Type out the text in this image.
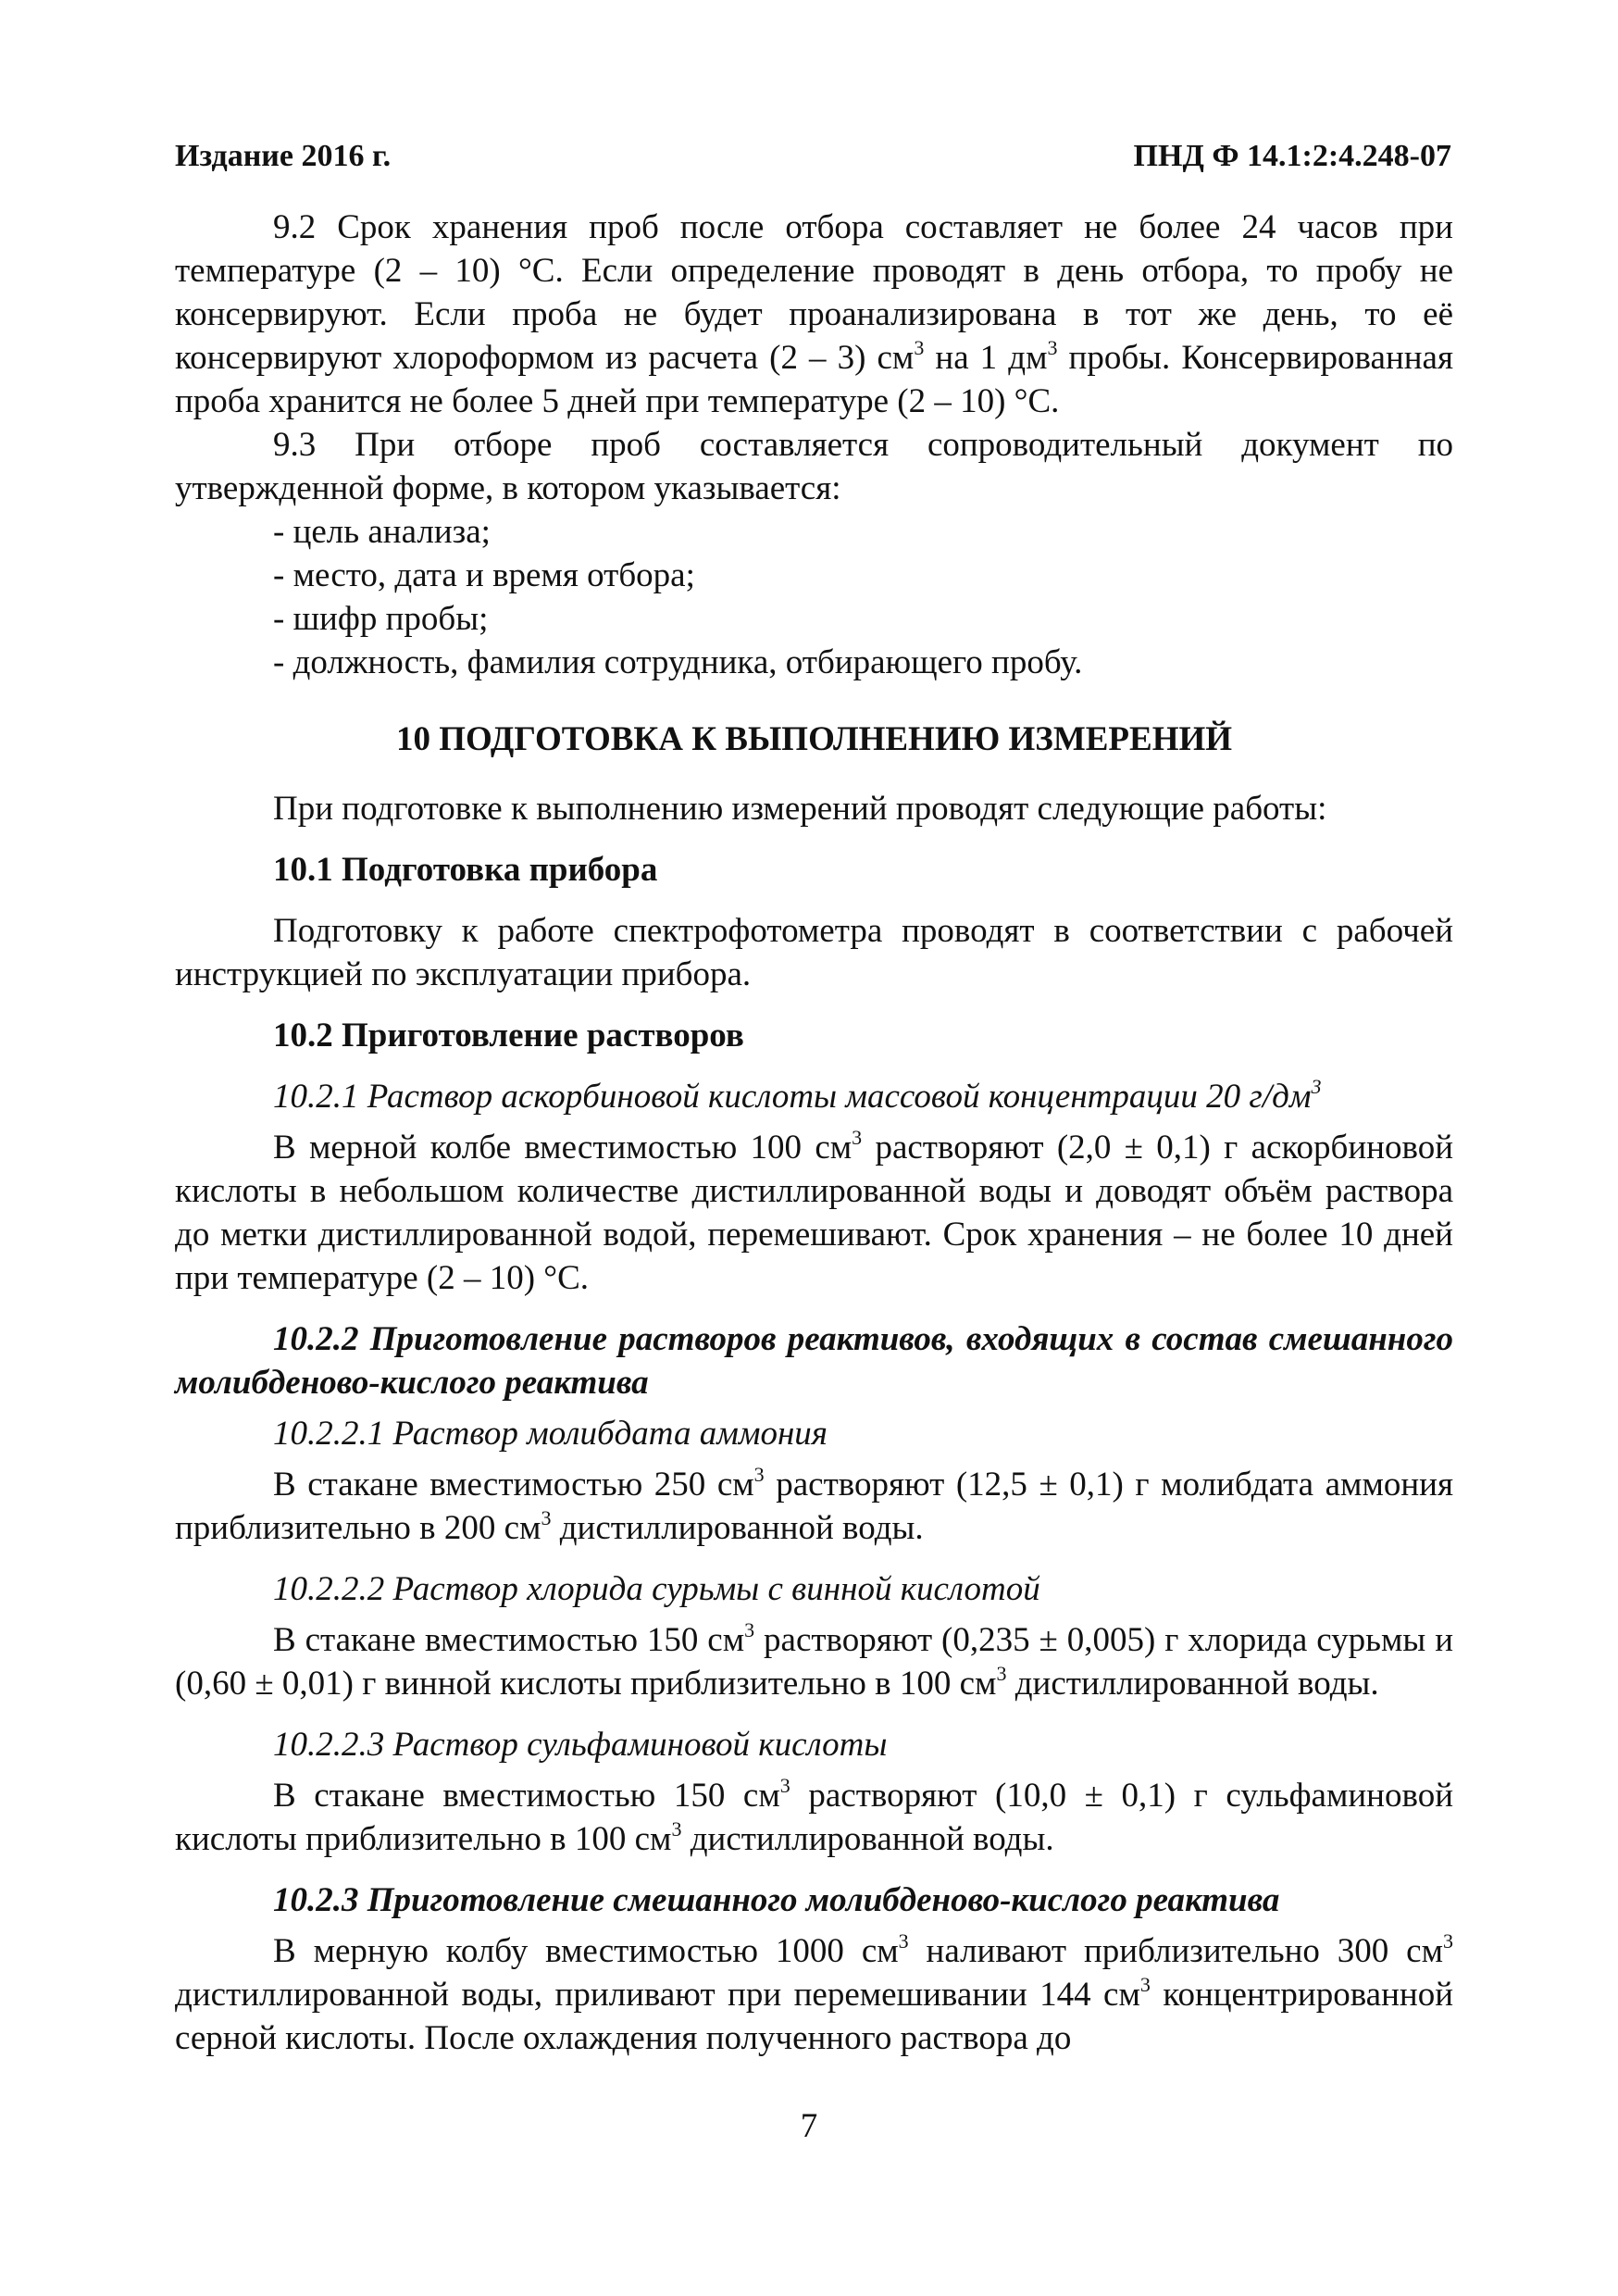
Издание 2016 г.	ПНД Ф 14.1:2:4.248-07

9.2 Срок хранения проб после отбора составляет не более 24 часов при температуре (2 – 10) °С. Если определение проводят в день отбора, то пробу не консервируют. Если проба не будет проанализирована в тот же день, то её консервируют хлороформом из расчета (2 – 3) $см^3$ на 1 $дм^3$ пробы. Консервированная проба хранится не более 5 дней при температуре (2 – 10) °С.

9.3 При отборе проб составляется сопроводительный документ по утвержденной форме, в котором указывается:

- цель анализа;

- место, дата и время отбора;

- шифр пробы;

- должность, фамилия сотрудника, отбирающего пробу.

10 ПОДГОТОВКА К ВЫПОЛНЕНИЮ ИЗМЕРЕНИЙ

При подготовке к выполнению измерений проводят следующие работы:

10.1 Подготовка прибора

Подготовку к работе спектрофотометра проводят в соответствии с рабочей инструкцией по эксплуатации прибора.

10.2 Приготовление растворов

10.2.1 Раствор аскорбиновой кислоты массовой концентрации 20 $г/дм^3$

В мерной колбе вместимостью 100 $см^3$ растворяют (2,0 ± 0,1) г аскорбиновой кислоты в небольшом количестве дистиллированной воды и доводят объём раствора до метки дистиллированной водой, перемешивают. Срок хранения – не более 10 дней при температуре (2 – 10) °С.

10.2.2 Приготовление растворов реактивов, входящих в состав смешанного молибденово-кислого реактива

10.2.2.1 Раствор молибдата аммония

В стакане вместимостью 250 $см^3$ растворяют (12,5 ± 0,1) г молибдата аммония приблизительно в 200 $см^3$ дистиллированной воды.

10.2.2.2 Раствор хлорида сурьмы с винной кислотой

В стакане вместимостью 150 $см^3$ растворяют (0,235 ± 0,005) г хлорида сурьмы и (0,60 ± 0,01) г винной кислоты приблизительно в 100 $см^3$ дистиллированной воды.

10.2.2.3 Раствор сульфаминовой кислоты

В стакане вместимостью 150 $см^3$ растворяют (10,0 ± 0,1) г сульфаминовой кислоты приблизительно в 100 $см^3$ дистиллированной воды.

10.2.3 Приготовление смешанного молибденово-кислого реактива

В мерную колбу вместимостью 1000 $см^3$ наливают приблизительно 300 $см^3$ дистиллированной воды, приливают при перемешивании 144 $см^3$ концентрированной серной кислоты. После охлаждения полученного раствора до

7
